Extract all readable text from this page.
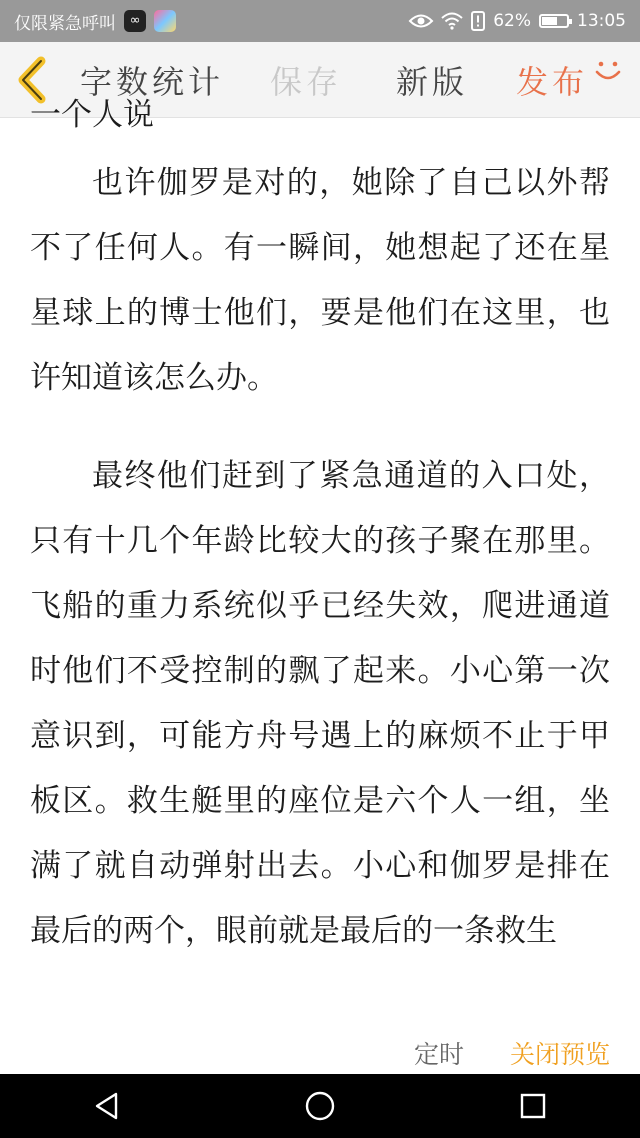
仅限紧急呼叫	∞	62%	13:05
字数统计 保存 新版 发布
一个人说

也许伽罗是对的，她除了自己以外帮不了任何人。有一瞬间，她想起了还在星星球上的博士他们，要是他们在这里，也许知道该怎么办。

最终他们赶到了紧急通道的入口处，只有十几个年龄比较大的孩子聚在那里。飞船的重力系统似乎已经失效，爬进通道时他们不受控制的飘了起来。小心第一次意识到，可能方舟号遇上的麻烦不止于甲板区。救生艇里的座位是六个人一组，坐满了就自动弹射出去。小心和伽罗是排在最后的两个，眼前就是最后的一条救生

定时 关闭预览
